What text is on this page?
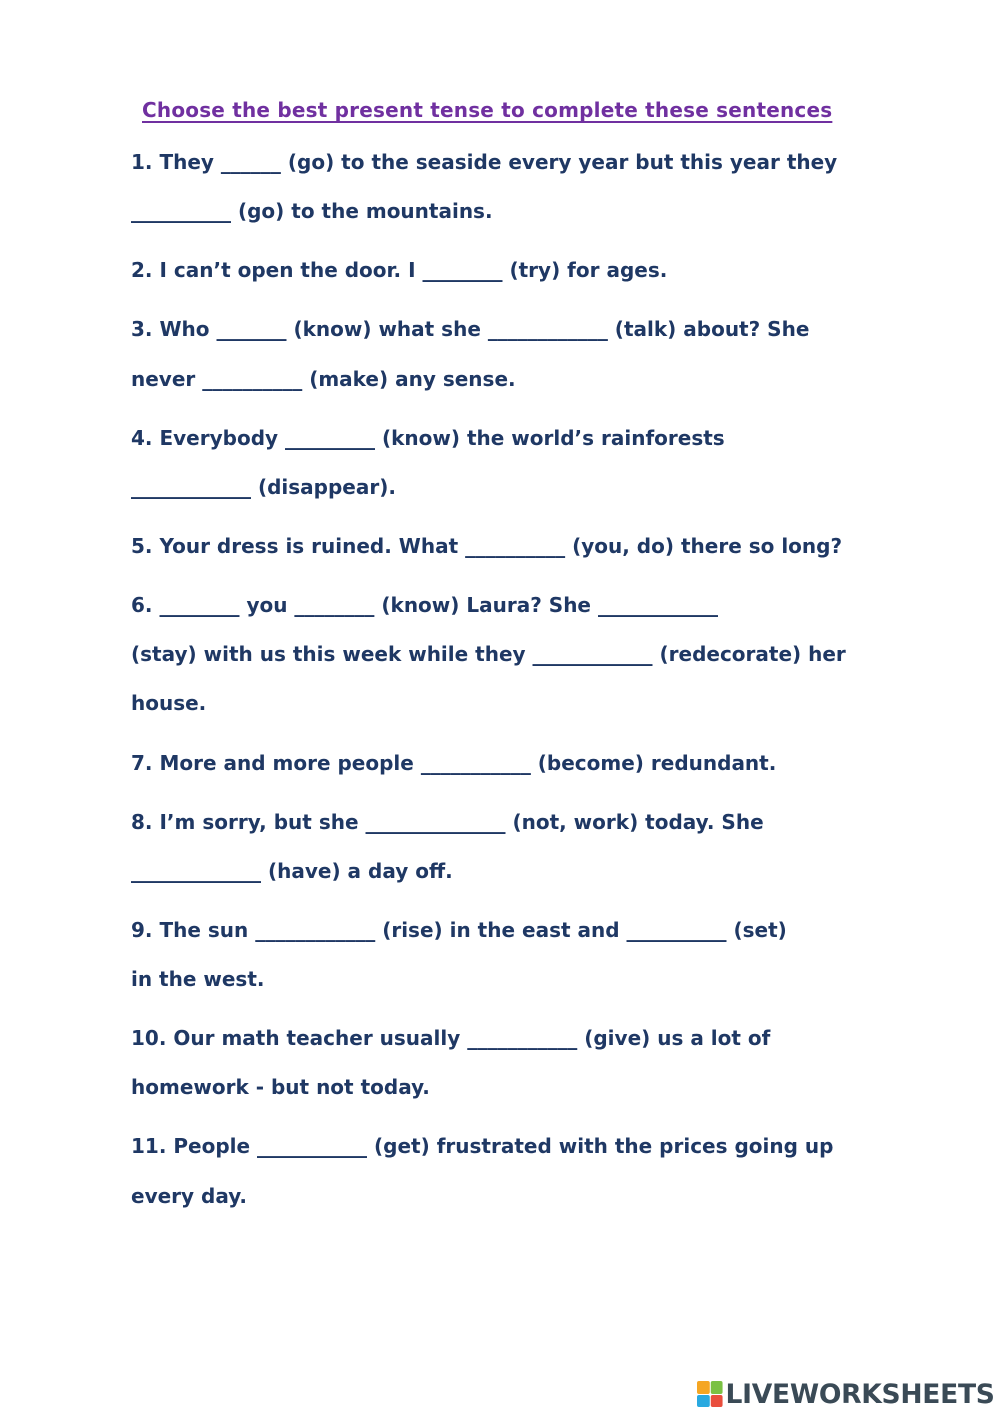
Choose the best present tense to complete these sentences
1. They ______ (go) to the seaside every year but this year they
__________ (go) to the mountains.
2. I can’t open the door. I ________ (try) for ages.
3. Who _______ (know) what she ____________ (talk) about? She
never __________ (make) any sense.
4. Everybody _________ (know) the world’s rainforests
____________ (disappear).
5. Your dress is ruined. What __________ (you, do) there so long?
6. ________ you ________ (know) Laura? She ____________
(stay) with us this week while they ____________ (redecorate) her
house.
7. More and more people ___________ (become) redundant.
8. I’m sorry, but she ______________ (not, work) today. She
_____________ (have) a day off.
9. The sun ____________ (rise) in the east and __________ (set)
in the west.
10. Our math teacher usually ___________ (give) us a lot of
homework - but not today.
11. People ___________ (get) frustrated with the prices going up
every day.
LIVEWORKSHEETS
